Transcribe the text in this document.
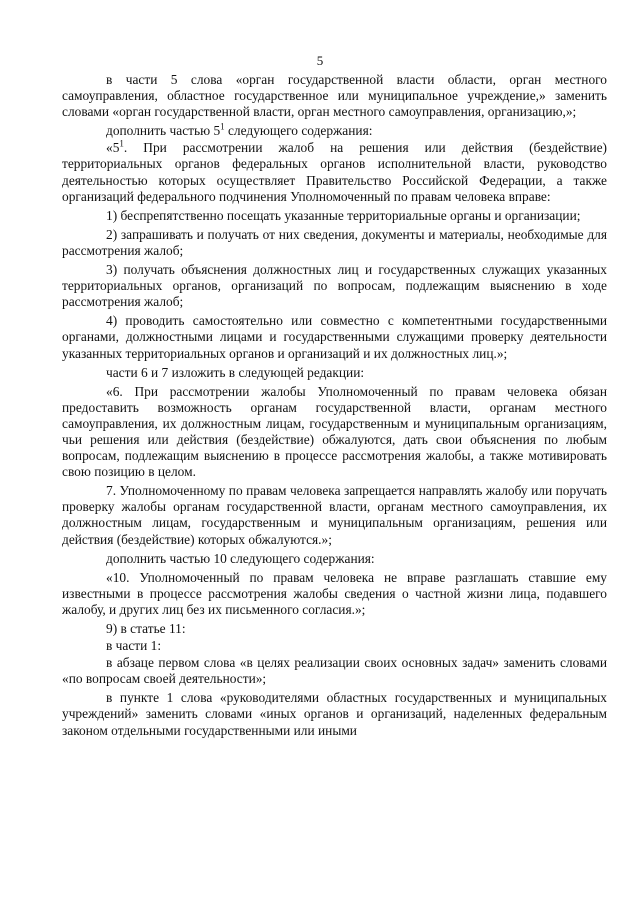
5

в части 5 слова «орган государственной власти области, орган местного самоуправления, областное государственное или муниципальное учреждение,» заменить словами «орган государственной власти, орган местного самоуправления, организацию,»;

дополнить частью $5^1$ следующего содержания:

«$5^1$. При рассмотрении жалоб на решения или действия (бездействие) территориальных органов федеральных органов исполнительной власти, руководство деятельностью которых осуществляет Правительство Российской Федерации, а также организаций федерального подчинения Уполномоченный по правам человека вправе:

1) беспрепятственно посещать указанные территориальные органы и организации;

2) запрашивать и получать от них сведения, документы и материалы, необходимые для рассмотрения жалоб;

3) получать объяснения должностных лиц и государственных служащих указанных территориальных органов, организаций по вопросам, подлежащим выяснению в ходе рассмотрения жалоб;

4) проводить самостоятельно или совместно с компетентными государственными органами, должностными лицами и государственными служащими проверку деятельности указанных территориальных органов и организаций и их должностных лиц.»;

части 6 и 7 изложить в следующей редакции:

«6. При рассмотрении жалобы Уполномоченный по правам человека обязан предоставить возможность органам государственной власти, органам местного самоуправления, их должностным лицам, государственным и муниципальным организациям, чьи решения или действия (бездействие) обжалуются, дать свои объяснения по любым вопросам, подлежащим выяснению в процессе рассмотрения жалобы, а также мотивировать свою позицию в целом.

7. Уполномоченному по правам человека запрещается направлять жалобу или поручать проверку жалобы органам государственной власти, органам местного самоуправления, их должностным лицам, государственным и муниципальным организациям, решения или действия (бездействие) которых обжалуются.»;

дополнить частью 10 следующего содержания:

«10. Уполномоченный по правам человека не вправе разглашать ставшие ему известными в процессе рассмотрения жалобы сведения о частной жизни лица, подавшего жалобу, и других лиц без их письменного согласия.»;

9) в статье 11:

в части 1:

в абзаце первом слова «в целях реализации своих основных задач» заменить словами «по вопросам своей деятельности»;

в пункте 1 слова «руководителями областных государственных и муниципальных учреждений» заменить словами «иных органов и организаций, наделенных федеральным законом отдельными государственными или иными
